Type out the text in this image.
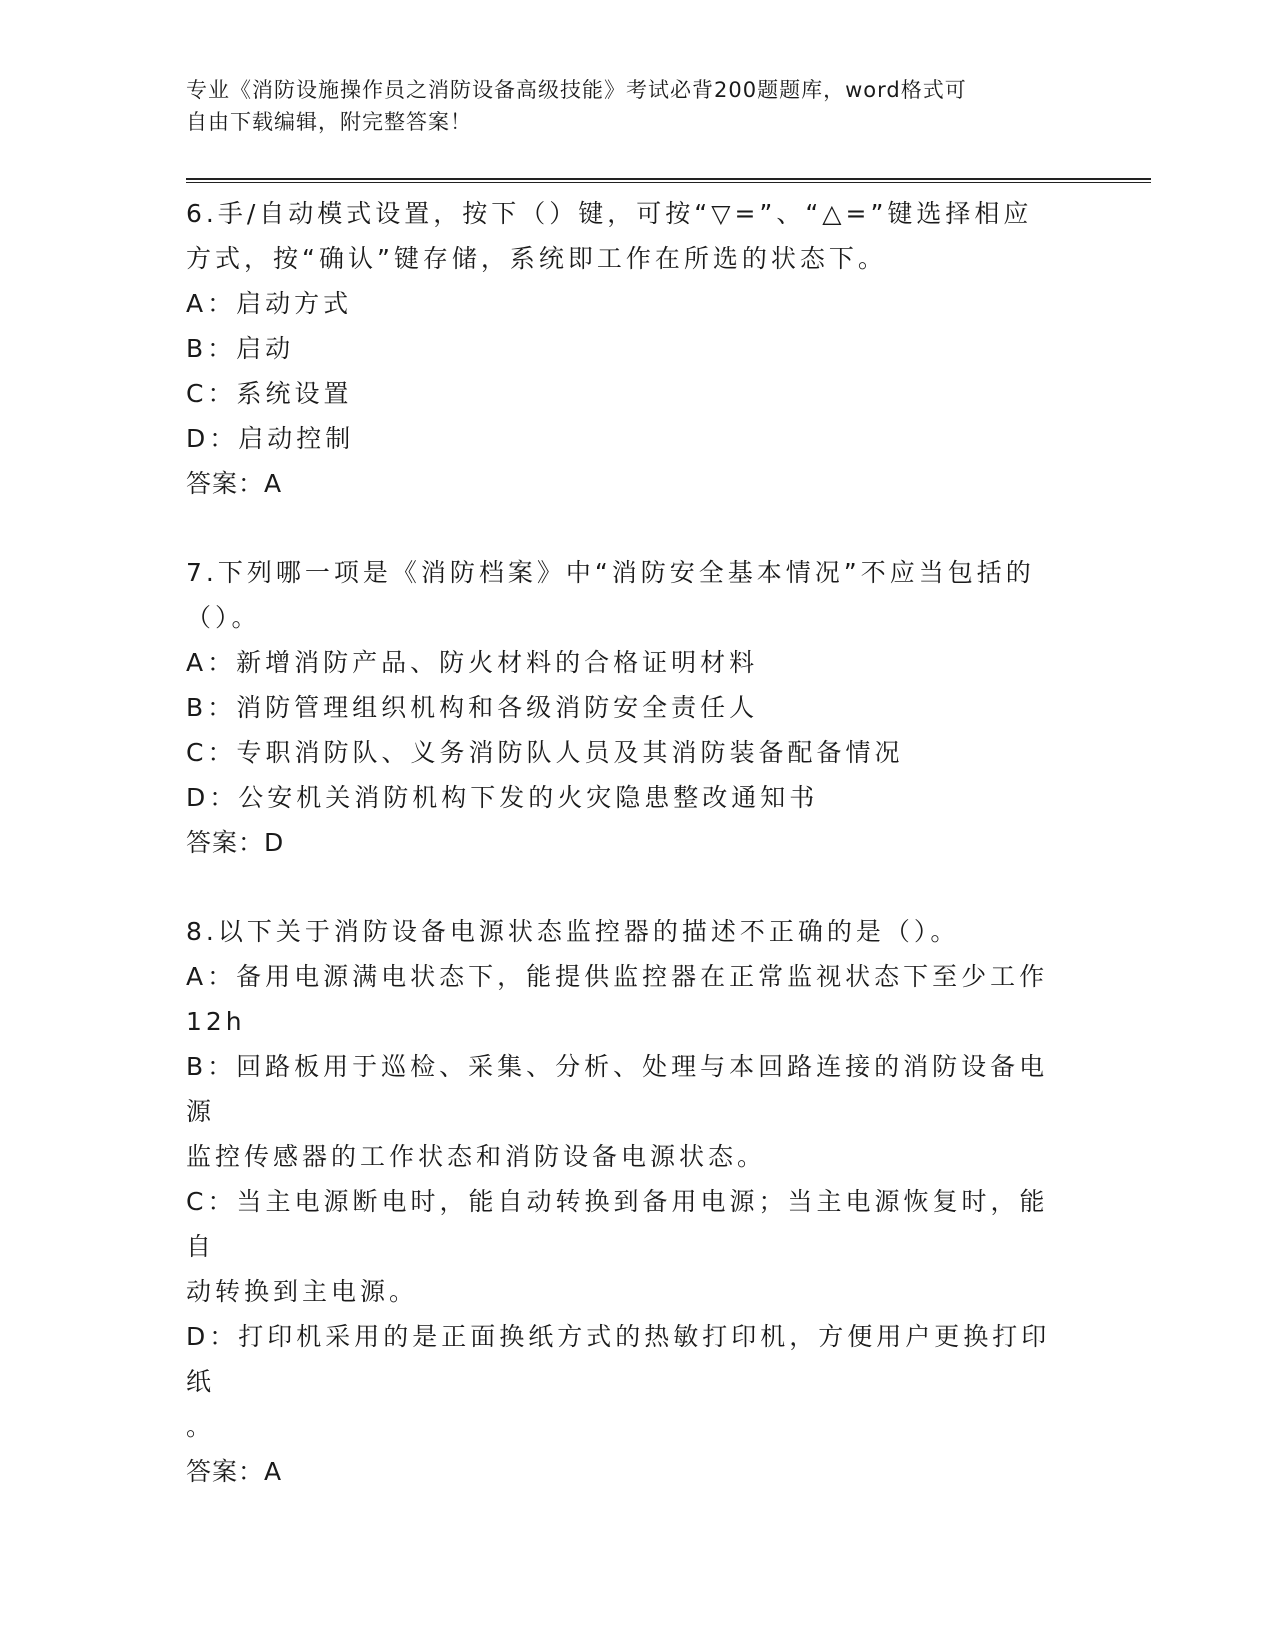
专业《消防设施操作员之消防设备高级技能》考试必背200题题库，word格式可
自由下载编辑，附完整答案！
6.手/自动模式设置，按下（）键，可按“▽=”、“△=”键选择相应
方式，按“确认”键存储，系统即工作在所选的状态下。
A：启动方式
B：启动
C：系统设置
D：启动控制
答案：A
7.下列哪一项是《消防档案》中“消防安全基本情况”不应当包括的
（）。
A：新增消防产品、防火材料的合格证明材料
B：消防管理组织机构和各级消防安全责任人
C：专职消防队、义务消防队人员及其消防装备配备情况
D：公安机关消防机构下发的火灾隐患整改通知书
答案：D
8.以下关于消防设备电源状态监控器的描述不正确的是（）。
A：备用电源满电状态下，能提供监控器在正常监视状态下至少工作
12h
B：回路板用于巡检、采集、分析、处理与本回路连接的消防设备电源
监控传感器的工作状态和消防设备电源状态。
C：当主电源断电时，能自动转换到备用电源；当主电源恢复时，能自
动转换到主电源。
D：打印机采用的是正面换纸方式的热敏打印机，方便用户更换打印纸
。
答案：A
